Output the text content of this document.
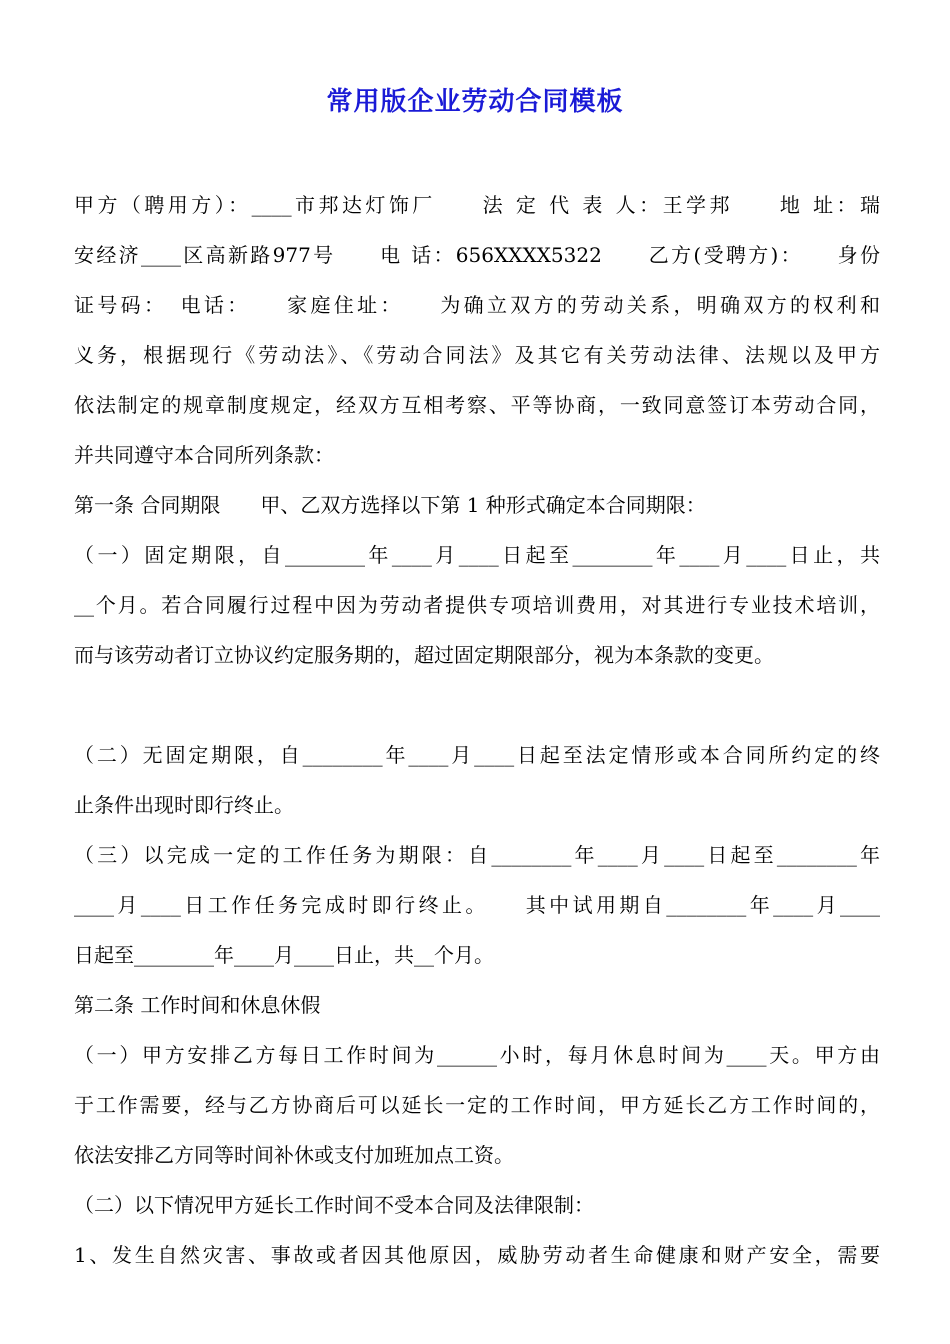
常用版企业劳动合同模板
甲方（聘用方）：____市邦达灯饰厂　　法 定 代 表 人：王学邦　　地 址：瑞
安经济____区高新路977号　　电 话：656XXXX5322　　乙方(受聘方)：　　身份
证号码：　电话：　　家庭住址：　　为确立双方的劳动关系，明确双方的权利和
义务，根据现行《劳动法》、《劳动合同法》及其它有关劳动法律、法规以及甲方
依法制定的规章制度规定，经双方互相考察、平等协商，一致同意签订本劳动合同，
并共同遵守本合同所列条款：
第一条 合同期限　　甲、乙双方选择以下第 1 种形式确定本合同期限：
（一）固定期限，自________年____月____日起至________年____月____日止，共
__个月。若合同履行过程中因为劳动者提供专项培训费用，对其进行专业技术培训，
而与该劳动者订立协议约定服务期的，超过固定期限部分，视为本条款的变更。
（二）无固定期限，自________年____月____日起至法定情形或本合同所约定的终
止条件出现时即行终止。
（三）以完成一定的工作任务为期限：自________年____月____日起至________年
____月____日工作任务完成时即行终止。　　其中试用期自________年____月____
日起至________年____月____日止，共__个月。
第二条 工作时间和休息休假
（一）甲方安排乙方每日工作时间为______小时，每月休息时间为____天。甲方由
于工作需要，经与乙方协商后可以延长一定的工作时间，甲方延长乙方工作时间的，
依法安排乙方同等时间补休或支付加班加点工资。
（二）以下情况甲方延长工作时间不受本合同及法律限制：
1、发生自然灾害、事故或者因其他原因，威胁劳动者生命健康和财产安全，需要
